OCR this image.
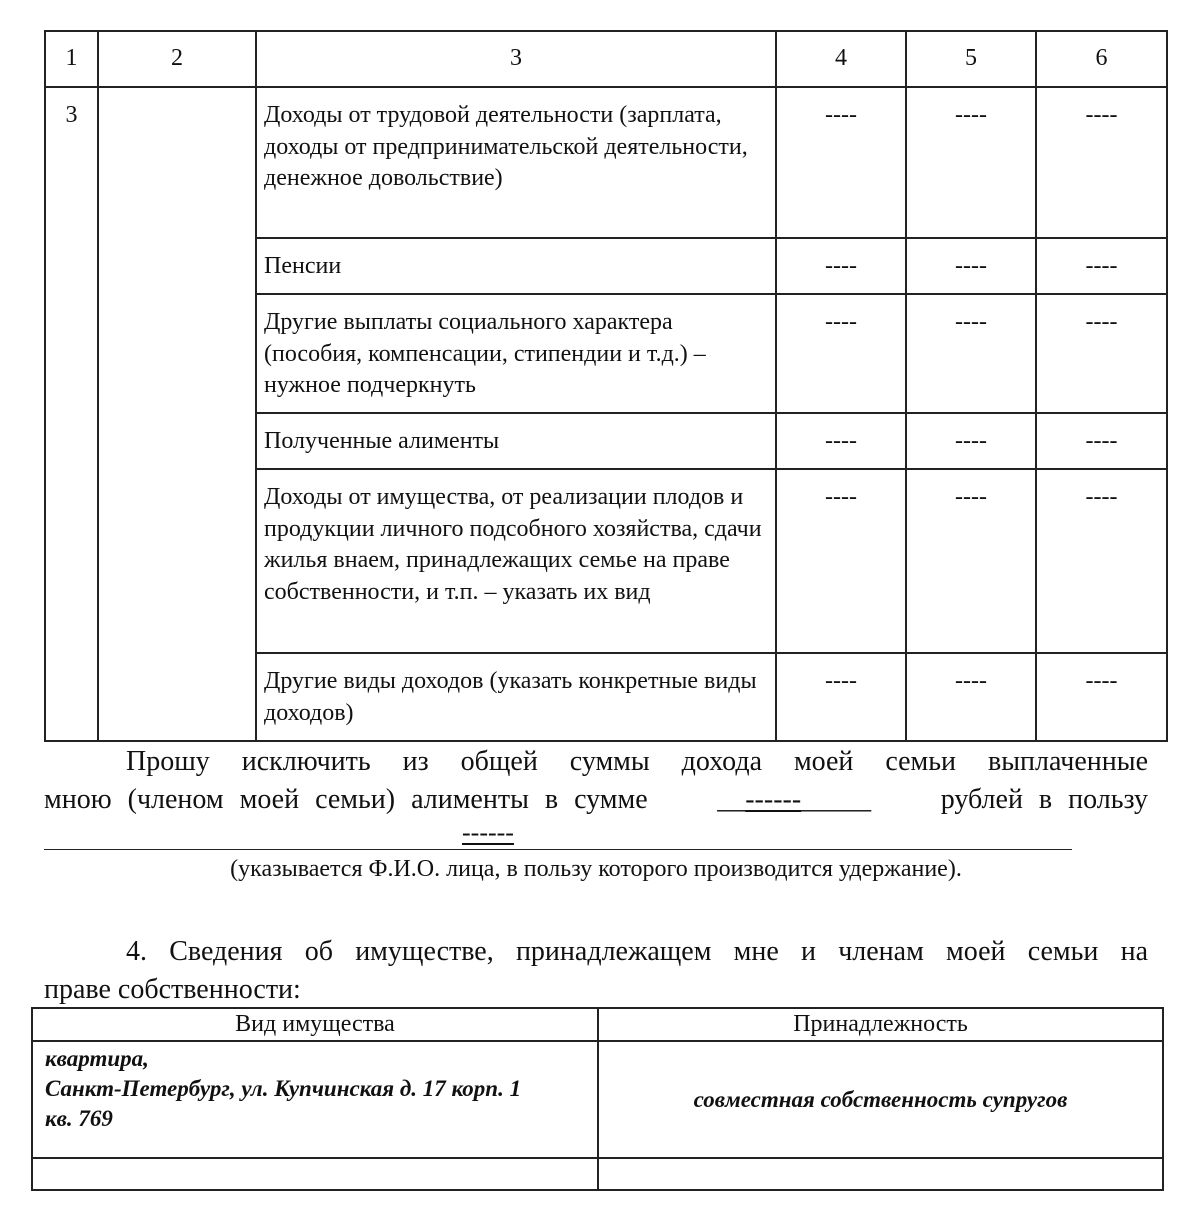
1	2	3	4	5	6
3		Доходы от трудовой деятельности (зарплата, доходы от предпринимательской деятельности, денежное довольствие)	----	----	----
		Пенсии	----	----	----
		Другие выплаты социального характера (пособия, компенсации, стипендии и т.д.) – нужное подчеркнуть	----	----	----
		Полученные алименты	----	----	----
		Доходы от имущества, от реализации плодов и продукции личного подсобного хозяйства, сдачи жилья внаем, принадлежащих семье на праве собственности, и т.п. – указать их вид	----	----	----
		Другие виды доходов (указать конкретные виды доходов)	----	----	----
Прошу исключить из общей суммы дохода моей семьи выплаченные
мною (членом моей семьи) алименты в сумме __------_____ рублей в пользу
------
(указывается Ф.И.О. лица, в пользу которого производится удержание).
4. Сведения об имуществе, принадлежащем мне и членам моей семьи на
праве собственности:
Вид имущества	Принадлежность

квартира,
Санкт-Петербург, ул. Купчинская д. 17 корп. 1
кв. 769	совместная собственность супругов
